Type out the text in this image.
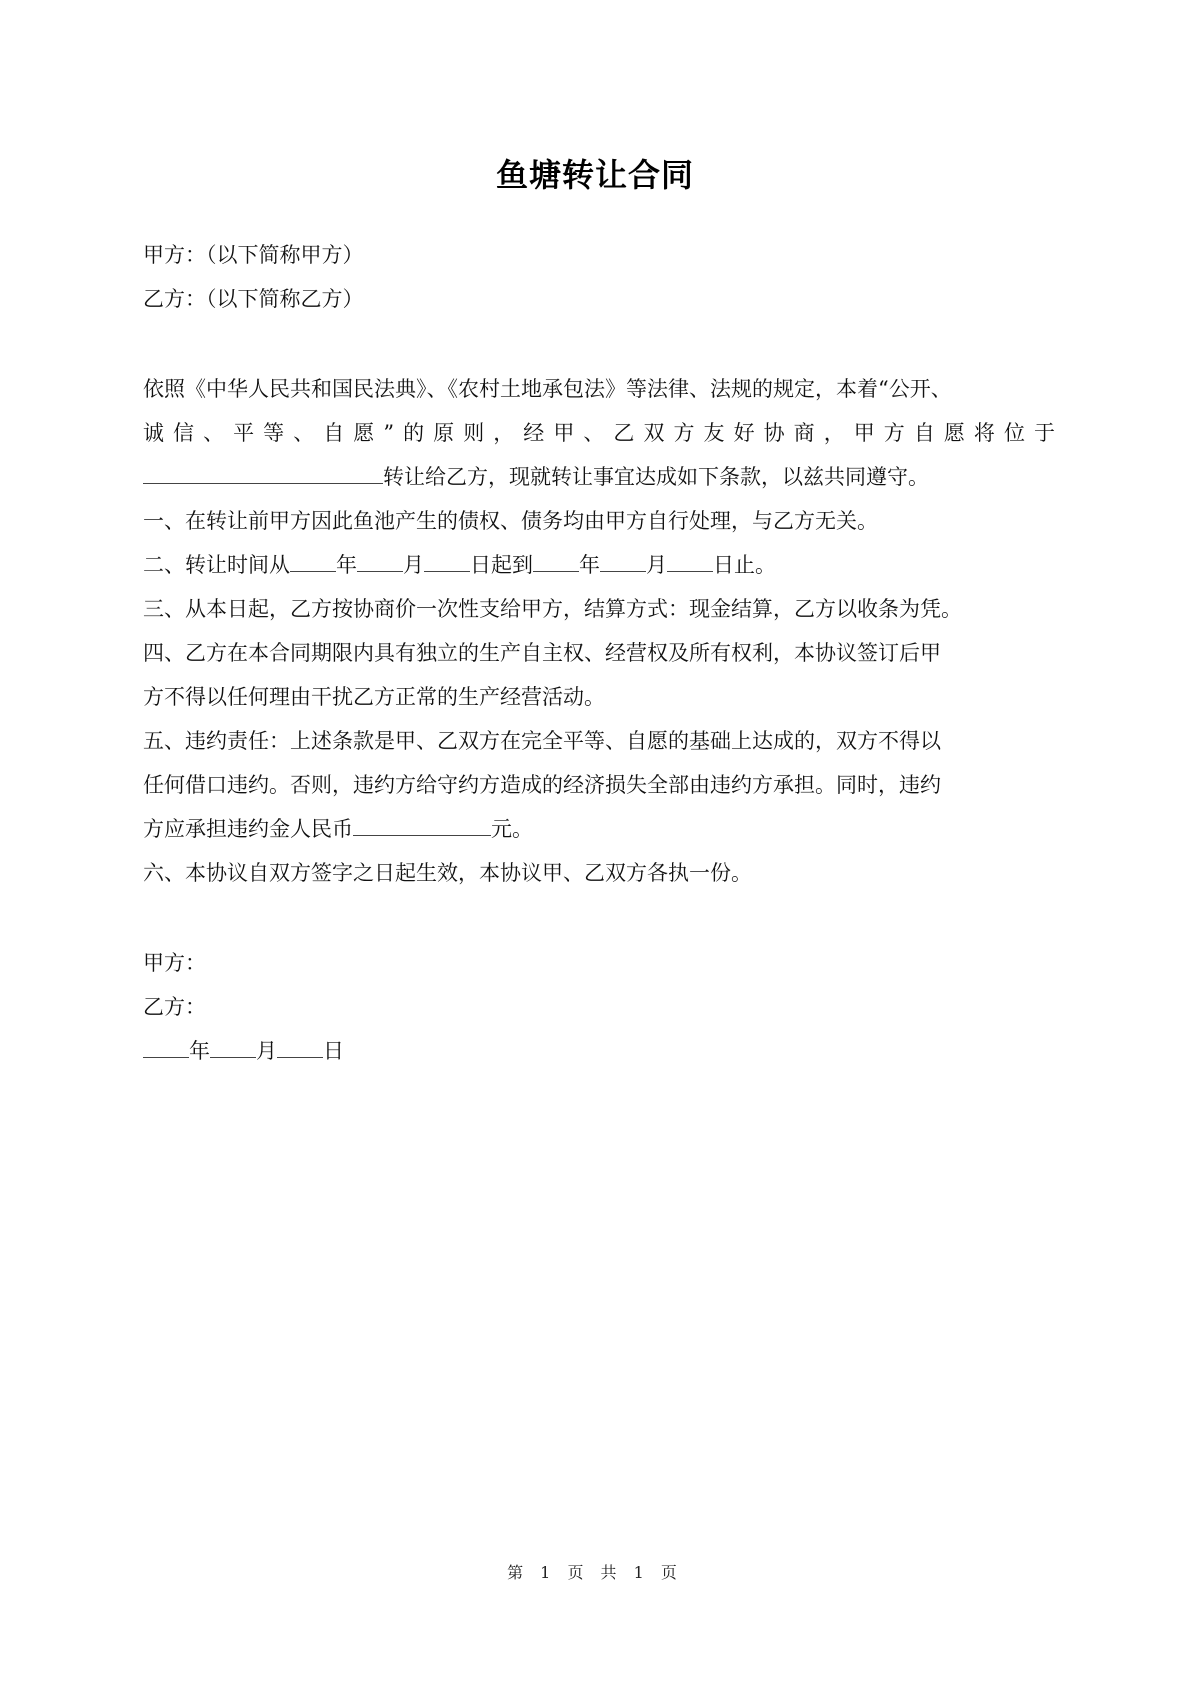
鱼塘转让合同
甲方：（以下简称甲方）
乙方：（以下简称乙方）
依照《中华人民共和国民法典》、《农村土地承包法》等法律、法规的规定，本着“公开、
诚信、平等、自愿”的原则，经甲、乙双方友好协商，甲方自愿将位于
转让给乙方，现就转让事宜达成如下条款，以兹共同遵守。
一、在转让前甲方因此鱼池产生的债权、债务均由甲方自行处理，与乙方无关。
二、转让时间从 年 月 日起到 年 月 日止。
三、从本日起，乙方按协商价一次性支给甲方，结算方式：现金结算，乙方以收条为凭。
四、乙方在本合同期限内具有独立的生产自主权、经营权及所有权利，本协议签订后甲
方不得以任何理由干扰乙方正常的生产经营活动。
五、违约责任：上述条款是甲、乙双方在完全平等、自愿的基础上达成的，双方不得以
任何借口违约。否则，违约方给守约方造成的经济损失全部由违约方承担。同时，违约
方应承担违约金人民币	元。
六、本协议自双方签字之日起生效，本协议甲、乙双方各执一份。
甲方：
乙方：
年 月 日
第 1 页 共 1 页
